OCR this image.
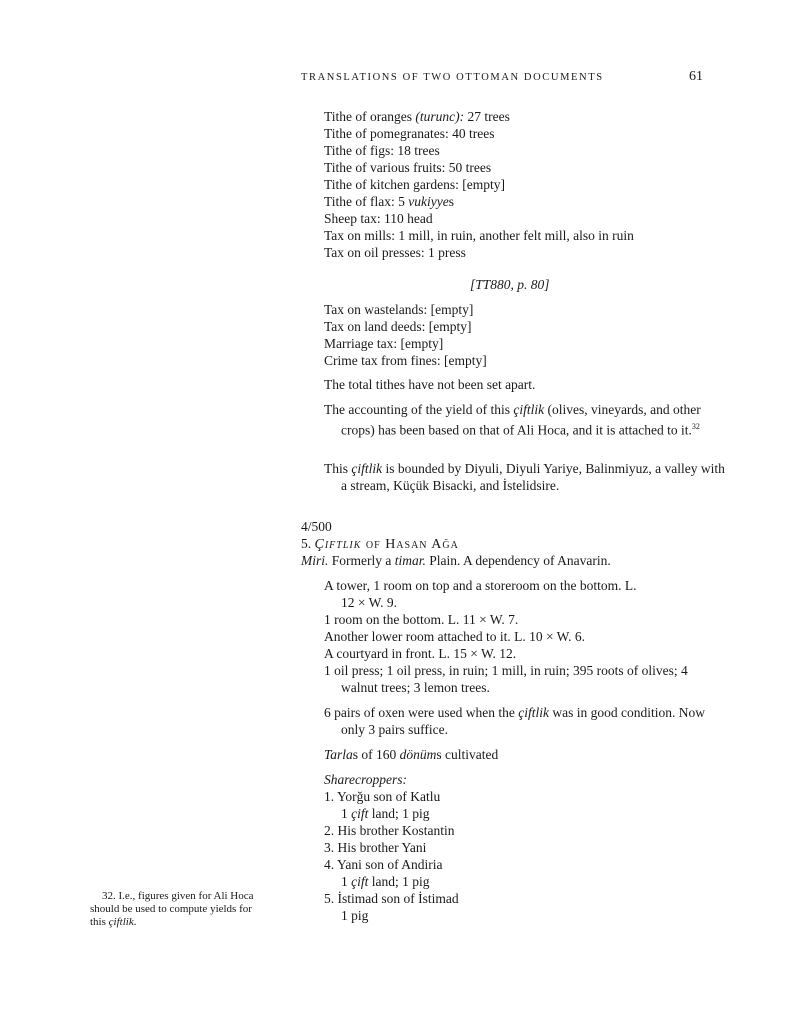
TRANSLATIONS OF TWO OTTOMAN DOCUMENTS	61
Tithe of oranges (turunc): 27 trees
Tithe of pomegranates: 40 trees
Tithe of figs: 18 trees
Tithe of various fruits: 50 trees
Tithe of kitchen gardens: [empty]
Tithe of flax: 5 vukiyyes
Sheep tax: 110 head
Tax on mills: 1 mill, in ruin, another felt mill, also in ruin
Tax on oil presses: 1 press
[TT880, p. 80]
Tax on wastelands: [empty]
Tax on land deeds: [empty]
Marriage tax: [empty]
Crime tax from fines: [empty]
The total tithes have not been set apart.
The accounting of the yield of this çiftlik (olives, vineyards, and other crops) has been based on that of Ali Hoca, and it is attached to it.$^{32}$
This çiftlik is bounded by Diyuli, Diyuli Yariye, Balinmiyuz, a valley with a stream, Küçük Bisacki, and İstelidsire.
4/500
5. Çiftlik of Hasan Ağa
Miri. Formerly a timar. Plain. A dependency of Anavarin.
A tower, 1 room on top and a storeroom on the bottom. L. 12 × W. 9.
1 room on the bottom. L. 11 × W. 7.
Another lower room attached to it. L. 10 × W. 6.
A courtyard in front. L. 15 × W. 12.
1 oil press; 1 oil press, in ruin; 1 mill, in ruin; 395 roots of olives; 4 walnut trees; 3 lemon trees.
6 pairs of oxen were used when the çiftlik was in good condition. Now only 3 pairs suffice.
Tarlas of 160 dönüms cultivated
Sharecroppers:
1. Yorğu son of Katlu
1 çift land; 1 pig
2. His brother Kostantin
3. His brother Yani
4. Yani son of Andiria
1 çift land; 1 pig
5. İstimad son of İstimad
1 pig
32. I.e., figures given for Ali Hoca should be used to compute yields for this çiftlik.
